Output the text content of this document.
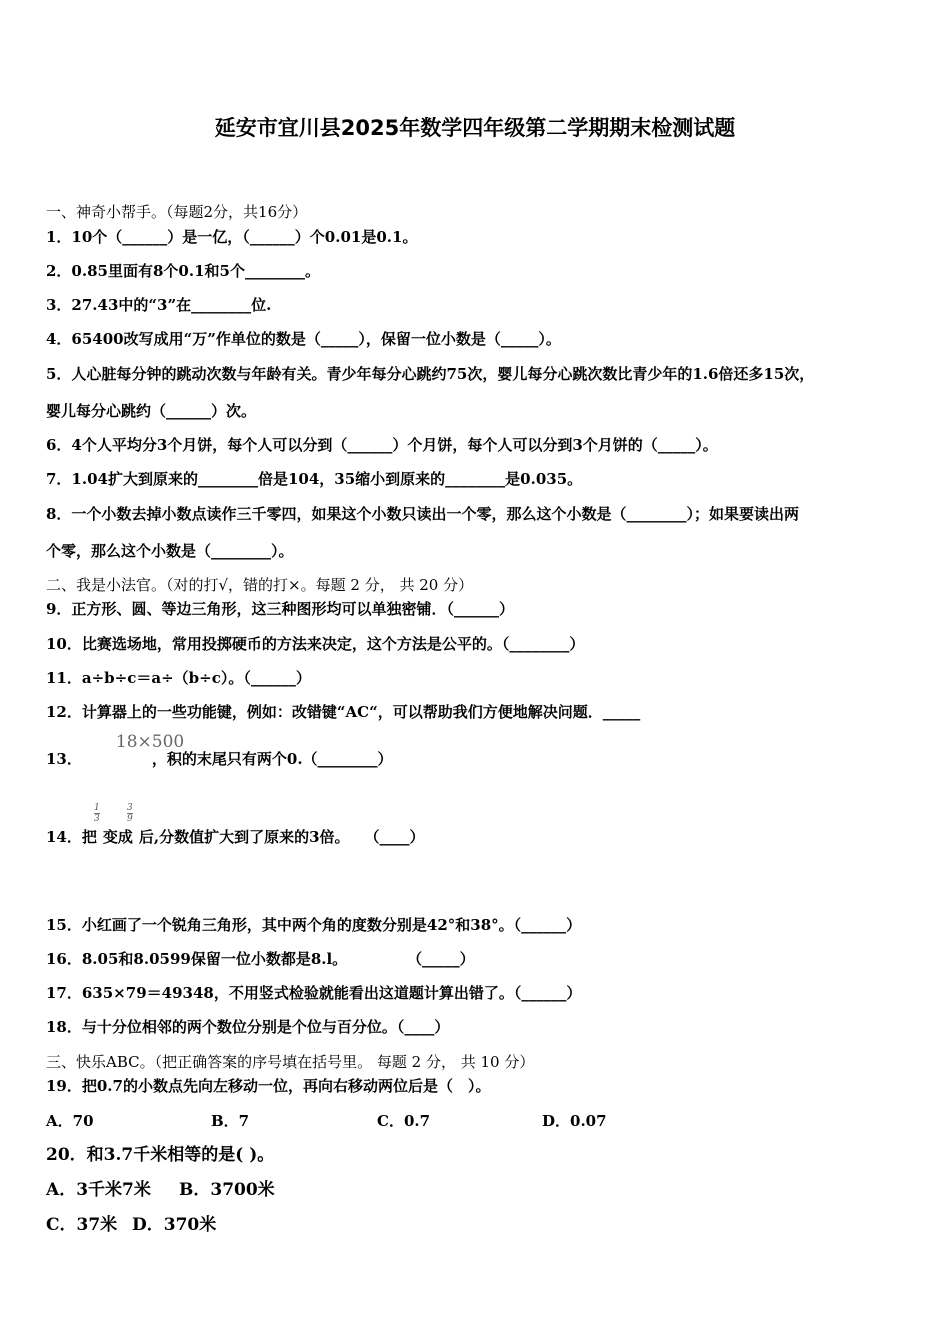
延安市宜川县2025年数学四年级第二学期期末检测试题
一、神奇小帮手。（每题2分，共16分）
1．10个（______）是一亿，（______）个0.01是0.1。
2．0.85里面有8个0.1和5个________。
3．27.43中的“3”在________位.
4．65400改写成用“万”作单位的数是（_____），保留一位小数是（_____）。
5．人心脏每分钟的跳动次数与年龄有关。青少年每分心跳约75次，婴儿每分心跳次数比青少年的1.6倍还多15次，
婴儿每分心跳约（______）次。
6．4个人平均分3个月饼，每个人可以分到（______）个月饼，每个人可以分到3个月饼的（_____）。
7．1.04扩大到原来的________倍是104，35缩小到原来的________是0.035。
8．一个小数去掉小数点读作三千零四，如果这个小数只读出一个零，那么这个小数是（________）；如果要读出两
个零，那么这个小数是（________）。
二、我是小法官。（对的打√，错的打×。每题 2 分， 共 20 分）
9．正方形、圆、等边三角形，这三种图形均可以单独密铺．（______）
10．比赛选场地，常用投掷硬币的方法来决定，这个方法是公平的。（________）
11．a÷b÷c＝a÷（b÷c）。（______）
12．计算器上的一些功能键，例如：改错键“AC“，可以帮助我们方便地解决问题．_____
13．
18×500
，积的末尾只有两个0.（________）
14．把
1
3
变成
3
9
后,分数值扩大到了原来的3倍。　　（____）
15．小红画了一个锐角三角形，其中两个角的度数分别是42°和38°。（______）
16．8.05和8.0599保留一位小数都是8.l。　　　　　（_____）
17．635×79＝49348，不用竖式检验就能看出这道题计算出错了。（______）
18．与十分位相邻的两个数位分别是个位与百分位。（____）
三、快乐ABC。（把正确答案的序号填在括号里。 每题 2 分， 共 10 分）
19．把0.7的小数点先向左移动一位，再向右移动两位后是（　）。
A．70	B．7	C．0.7	D．0.07
20．和3.7千米相等的是( )。
A．3千米7米 B．3700米
C．37米 D．370米
